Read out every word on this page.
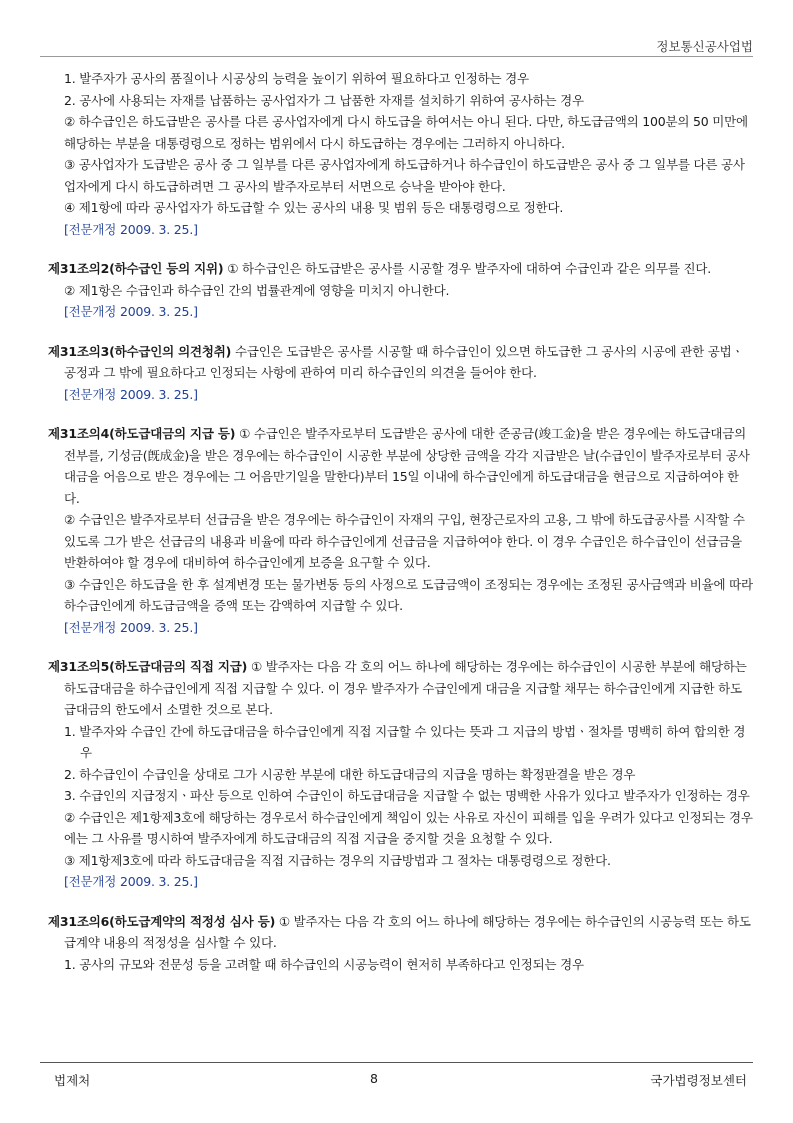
정보통신공사업법

1. 발주자가 공사의 품질이나 시공상의 능력을 높이기 위하여 필요하다고 인정하는 경우

2. 공사에 사용되는 자재를 납품하는 공사업자가 그 납품한 자재를 설치하기 위하여 공사하는 경우

② 하수급인은 하도급받은 공사를 다른 공사업자에게 다시 하도급을 하여서는 아니 된다. 다만, 하도급금액의 100분의 50 미만에 해당하는 부분을 대통령령으로 정하는 범위에서 다시 하도급하는 경우에는 그러하지 아니하다.

③ 공사업자가 도급받은 공사 중 그 일부를 다른 공사업자에게 하도급하거나 하수급인이 하도급받은 공사 중 그 일부를 다른 공사업자에게 다시 하도급하려면 그 공사의 발주자로부터 서면으로 승낙을 받아야 한다.

④ 제1항에 따라 공사업자가 하도급할 수 있는 공사의 내용 및 범위 등은 대통령령으로 정한다.

[전문개정 2009. 3. 25.]

제31조의2(하수급인 등의 지위) ① 하수급인은 하도급받은 공사를 시공할 경우 발주자에 대하여 수급인과 같은 의무를 진다.

② 제1항은 수급인과 하수급인 간의 법률관계에 영향을 미치지 아니한다.

[전문개정 2009. 3. 25.]

제31조의3(하수급인의 의견청취) 수급인은 도급받은 공사를 시공할 때 하수급인이 있으면 하도급한 그 공사의 시공에 관한 공법ㆍ공정과 그 밖에 필요하다고 인정되는 사항에 관하여 미리 하수급인의 의견을 들어야 한다.

[전문개정 2009. 3. 25.]

제31조의4(하도급대금의 지급 등) ① 수급인은 발주자로부터 도급받은 공사에 대한 준공금(竣工金)을 받은 경우에는 하도급대금의 전부를, 기성금(旣成金)을 받은 경우에는 하수급인이 시공한 부분에 상당한 금액을 각각 지급받은 날(수급인이 발주자로부터 공사대금을 어음으로 받은 경우에는 그 어음만기일을 말한다)부터 15일 이내에 하수급인에게 하도급대금을 현금으로 지급하여야 한다.

② 수급인은 발주자로부터 선급금을 받은 경우에는 하수급인이 자재의 구입, 현장근로자의 고용, 그 밖에 하도급공사를 시작할 수 있도록 그가 받은 선급금의 내용과 비율에 따라 하수급인에게 선급금을 지급하여야 한다. 이 경우 수급인은 하수급인이 선급금을 반환하여야 할 경우에 대비하여 하수급인에게 보증을 요구할 수 있다.

③ 수급인은 하도급을 한 후 설계변경 또는 물가변동 등의 사정으로 도급금액이 조정되는 경우에는 조정된 공사금액과 비율에 따라 하수급인에게 하도급금액을 증액 또는 감액하여 지급할 수 있다.

[전문개정 2009. 3. 25.]

제31조의5(하도급대금의 직접 지급) ① 발주자는 다음 각 호의 어느 하나에 해당하는 경우에는 하수급인이 시공한 부분에 해당하는 하도급대금을 하수급인에게 직접 지급할 수 있다. 이 경우 발주자가 수급인에게 대금을 지급할 채무는 하수급인에게 지급한 하도급대금의 한도에서 소멸한 것으로 본다.

1. 발주자와 수급인 간에 하도급대금을 하수급인에게 직접 지급할 수 있다는 뜻과 그 지급의 방법ㆍ절차를 명백히 하여 합의한 경우

2. 하수급인이 수급인을 상대로 그가 시공한 부분에 대한 하도급대금의 지급을 명하는 확정판결을 받은 경우

3. 수급인의 지급정지ㆍ파산 등으로 인하여 수급인이 하도급대금을 지급할 수 없는 명백한 사유가 있다고 발주자가 인정하는 경우

② 수급인은 제1항제3호에 해당하는 경우로서 하수급인에게 책임이 있는 사유로 자신이 피해를 입을 우려가 있다고 인정되는 경우에는 그 사유를 명시하여 발주자에게 하도급대금의 직접 지급을 중지할 것을 요청할 수 있다.

③ 제1항제3호에 따라 하도급대금을 직접 지급하는 경우의 지급방법과 그 절차는 대통령령으로 정한다.

[전문개정 2009. 3. 25.]

제31조의6(하도급계약의 적정성 심사 등) ① 발주자는 다음 각 호의 어느 하나에 해당하는 경우에는 하수급인의 시공능력 또는 하도급계약 내용의 적정성을 심사할 수 있다.

1. 공사의 규모와 전문성 등을 고려할 때 하수급인의 시공능력이 현저히 부족하다고 인정되는 경우

법제처	8	국가법령정보센터
